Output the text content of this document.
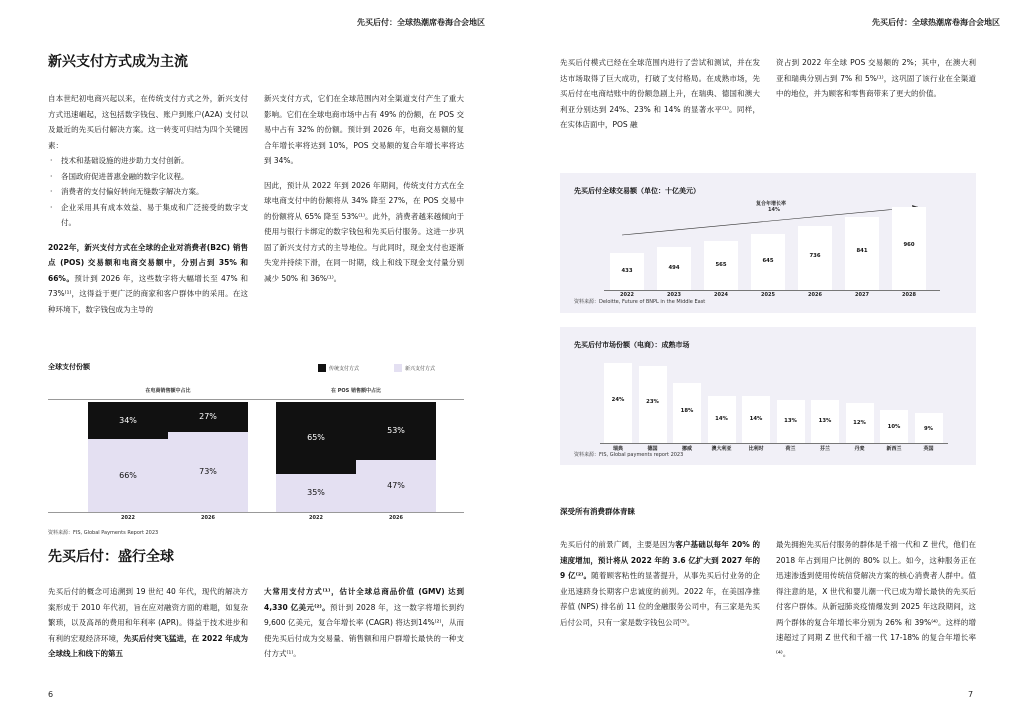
先买后付：全球热潮席卷海合会地区
新兴支付方式成为主流
自本世纪初电商兴起以来，在传统支付方式之外，新兴支付方式迅速崛起，这包括数字钱包、账户到账户(A2A) 支付以及最近的先买后付解决方案。这一转变可归结为四个关键因素：
· 技术和基础设施的进步助力支付创新。
· 各国政府促进普惠金融的数字化议程。
· 消费者的支付偏好转向无缝数字解决方案。
· 企业采用具有成本效益、易于集成和广泛接受的数字支付。
2022年，新兴支付方式在全球的企业对消费者(B2C) 销售点 (POS) 交易额和电商交易额中，分别占到 35% 和 66%。预计到 2026 年，这些数字将大幅增长至 47% 和 73%⁽¹⁾，这得益于更广泛的商家和客户群体中的采用。在这种环境下，数字钱包成为主导的
新兴支付方式，它们在全球范围内对全渠道支付产生了重大影响。它们在全球电商市场中占有 49% 的份额，在 POS 交易中占有 32% 的份额。预计到 2026 年，电商交易额的复合年增长率将达到 10%，POS 交易额的复合年增长率将达到 34%。
因此，预计从 2022 年到 2026 年期间，传统支付方式在全球电商支付中的份额将从 34% 降至 27%，在 POS 交易中的份额将从 65% 降至 53%⁽¹⁾。此外，消费者越来越倾向于使用与银行卡绑定的数字钱包和先买后付服务。这进一步巩固了新兴支付方式的主导地位。与此同时，现金支付也逐渐失宠并持续下滑，在同一时期，线上和线下现金支付量分别减少 50% 和 36%⁽¹⁾。
全球支付份额	传统支付方式	新兴支付方式
在电商销售额中占比	在 POS 销售额中占比
34%
66%
27%
73%
65%
35%
53%
47%
2022	2026	2022	2026
资料来源：FIS, Global Payments Report 2023
先买后付：盛行全球
先买后付的概念可追溯到 19 世纪 40 年代，现代的解决方案形成于 2010 年代初，旨在应对融资方面的难题，如复杂繁琐，以及高昂的费用和年利率 (APR)。得益于技术进步和有利的宏观经济环境，先买后付突飞猛进，在 2022 年成为全球线上和线下的第五
大常用支付方式⁽¹⁾，估计全球总商品价值 (GMV) 达到 4,330 亿美元⁽²⁾。预计到 2028 年，这一数字将增长到约 9,600 亿美元，复合年增长率 (CAGR) 将达到14%⁽²⁾，从而使先买后付成为交易量、销售额和用户群增长最快的一种支付方式⁽¹⁾。
6
先买后付：全球热潮席卷海合会地区
先买后付模式已经在全球范围内进行了尝试和测试，并在发达市场取得了巨大成功，打破了支付格局。在成熟市场，先买后付在电商结账中的份额急剧上升，在瑞典、德国和澳大利亚分别达到 24%、23% 和 14% 的显著水平⁽¹⁾。同样，在实体店面中，POS 融
资占到 2022 年全球 POS 交易额的 2%；其中，在澳大利亚和瑞典分别占到 7% 和 5%⁽¹⁾，这巩固了该行业在全渠道中的地位，并为顾客和零售商带来了更大的价值。
先买后付全球交易额（单位：十亿美元）
复合年增长率
14%
433
2022
494
2023
565
2024
645
2025
736
2026
841
2027
960
2028
资料来源：Deloitte, Future of BNPL in the Middle East
先买后付市场份额（电商）：成熟市场
24%
瑞典
23%
德国
18%
挪威
14%
澳大利亚
14%
比利时
13%
荷兰
13%
芬兰
12%
丹麦
10%
新西兰
9%
英国
资料来源：FIS, Global payments report 2023
深受所有消费群体青睐
先买后付的前景广阔，主要是因为客户基础以每年 20% 的速度增加，预计将从 2022 年的 3.6 亿扩大到 2027 年的 9 亿⁽²⁾。随着顾客粘性的显著提升，从事先买后付业务的企业迅速跻身长期客户忠诚度的前列。2022 年，在美国净推荐值 (NPS) 排名前 11 位的金融服务公司中，有三家是先买后付公司，只有一家是数字钱包公司⁽³⁾。
最先拥抱先买后付服务的群体是千禧一代和 Z 世代，他们在 2018 年占到用户比例的 80% 以上。如今，这种服务正在迅速渗透到使用传统信贷解决方案的核心消费者人群中。值得注意的是，X 世代和婴儿潮一代已成为增长最快的先买后付客户群体。从新冠肺炎疫情爆发到 2025 年这段期间，这两个群体的复合年增长率分别为 26% 和 39%⁽⁴⁾。这样的增速超过了同期 Z 世代和千禧一代 17-18% 的复合年增长率⁽⁴⁾。
7
